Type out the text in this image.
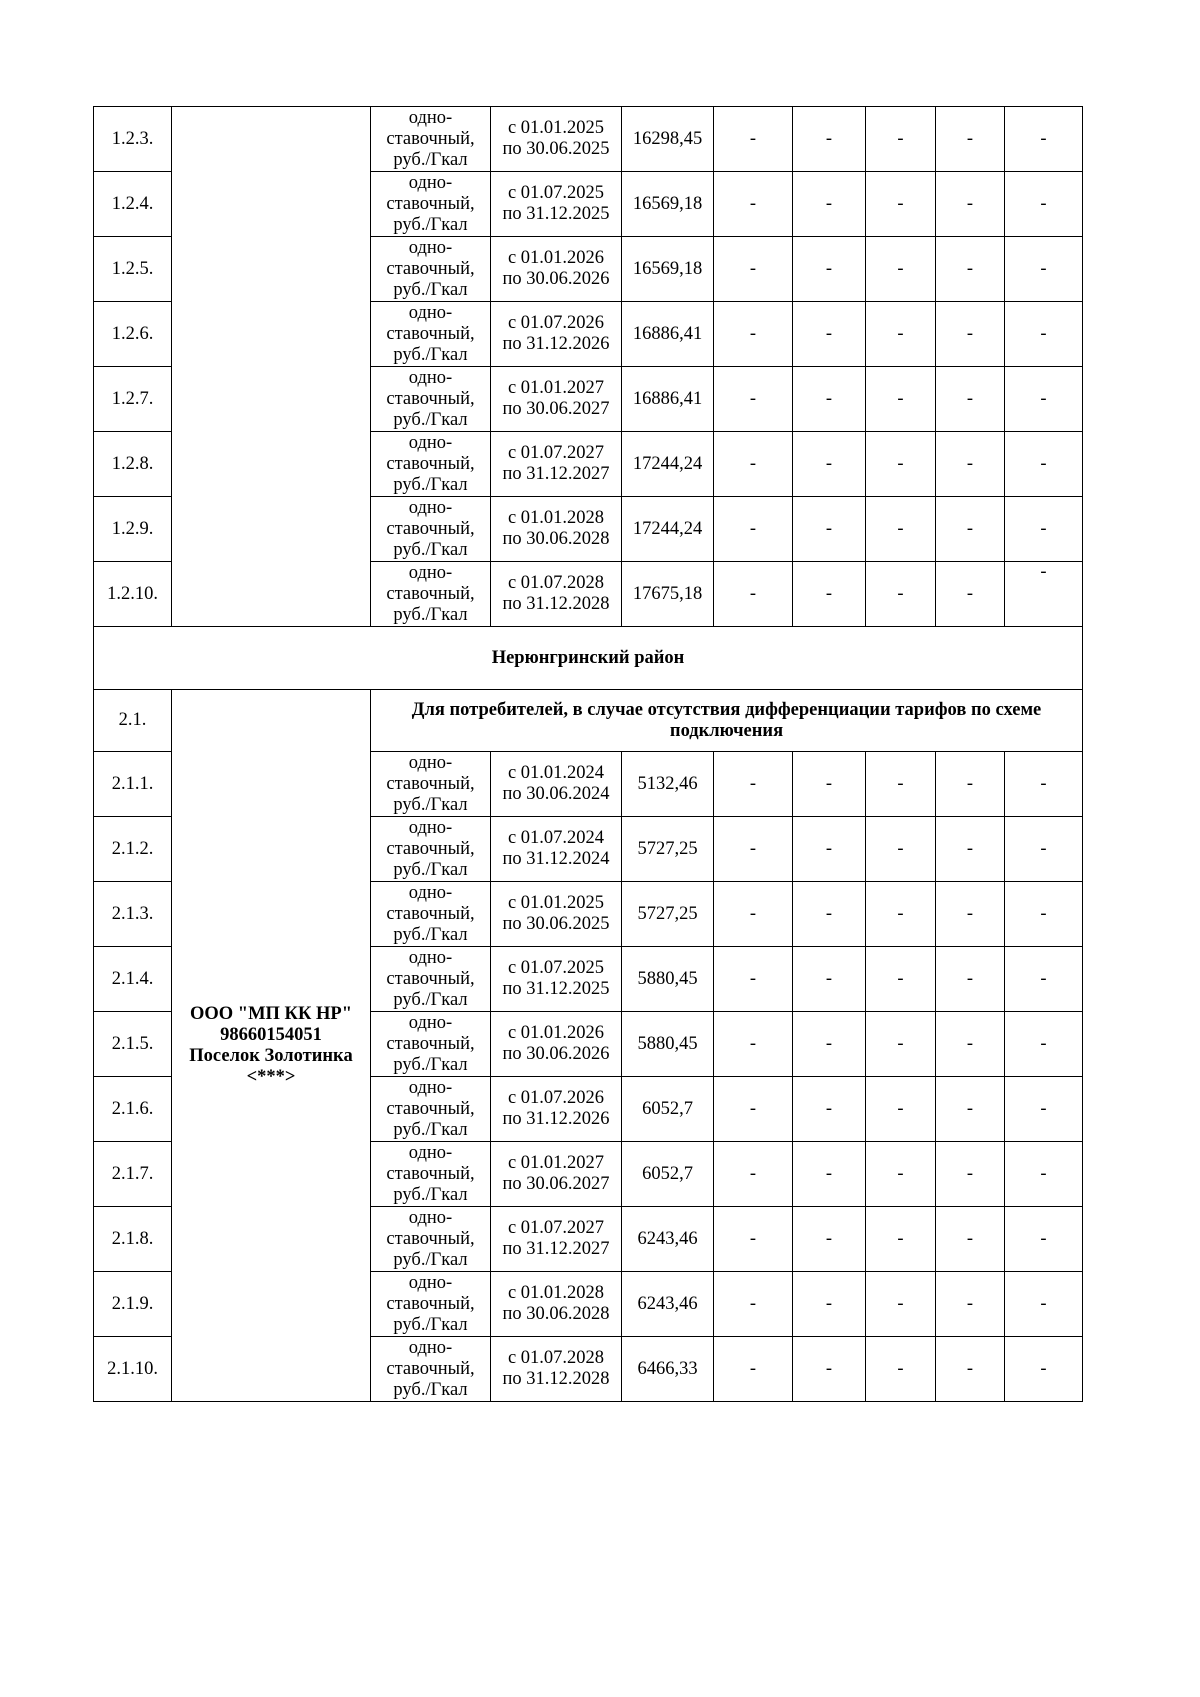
1.2.3.		одно-
ставочный,
руб./Гкал	с 01.01.2025
по 30.06.2025	16298,45	-	-	-	-	-
1.2.4.		одно-
ставочный,
руб./Гкал	с 01.07.2025
по 31.12.2025	16569,18	-	-	-	-	-
1.2.5.		одно-
ставочный,
руб./Гкал	с 01.01.2026
по 30.06.2026	16569,18	-	-	-	-	-
1.2.6.		одно-
ставочный,
руб./Гкал	с 01.07.2026
по 31.12.2026	16886,41	-	-	-	-	-
1.2.7.		одно-
ставочный,
руб./Гкал	с 01.01.2027
по 30.06.2027	16886,41	-	-	-	-	-
1.2.8.		одно-
ставочный,
руб./Гкал	с 01.07.2027
по 31.12.2027	17244,24	-	-	-	-	-
1.2.9.		одно-
ставочный,
руб./Гкал	с 01.01.2028
по 30.06.2028	17244,24	-	-	-	-	-
1.2.10.		одно-
ставочный,
руб./Гкал	с 01.07.2028
по 31.12.2028	17675,18	-	-	-	-	-
Нерюнгринский район									
2.1.	ООО "МП КК НР"
98660154051
Поселок Золотинка
<***>	Для потребителей, в случае отсутствия дифференциации тарифов по схеме подключения							
2.1.1.		одно-
ставочный,
руб./Гкал	с 01.01.2024
по 30.06.2024	5132,46	-	-	-	-	-
2.1.2.		одно-
ставочный,
руб./Гкал	с 01.07.2024
по 31.12.2024	5727,25	-	-	-	-	-
2.1.3.		одно-
ставочный,
руб./Гкал	с 01.01.2025
по 30.06.2025	5727,25	-	-	-	-	-
2.1.4.		одно-
ставочный,
руб./Гкал	с 01.07.2025
по 31.12.2025	5880,45	-	-	-	-	-
2.1.5.		одно-
ставочный,
руб./Гкал	с 01.01.2026
по 30.06.2026	5880,45	-	-	-	-	-
2.1.6.		одно-
ставочный,
руб./Гкал	с 01.07.2026
по 31.12.2026	6052,7	-	-	-	-	-
2.1.7.		одно-
ставочный,
руб./Гкал	с 01.01.2027
по 30.06.2027	6052,7	-	-	-	-	-
2.1.8.		одно-
ставочный,
руб./Гкал	с 01.07.2027
по 31.12.2027	6243,46	-	-	-	-	-
2.1.9.		одно-
ставочный,
руб./Гкал	с 01.01.2028
по 30.06.2028	6243,46	-	-	-	-	-
2.1.10.		одно-
ставочный,
руб./Гкал	с 01.07.2028
по 31.12.2028	6466,33	-	-	-	-	-
